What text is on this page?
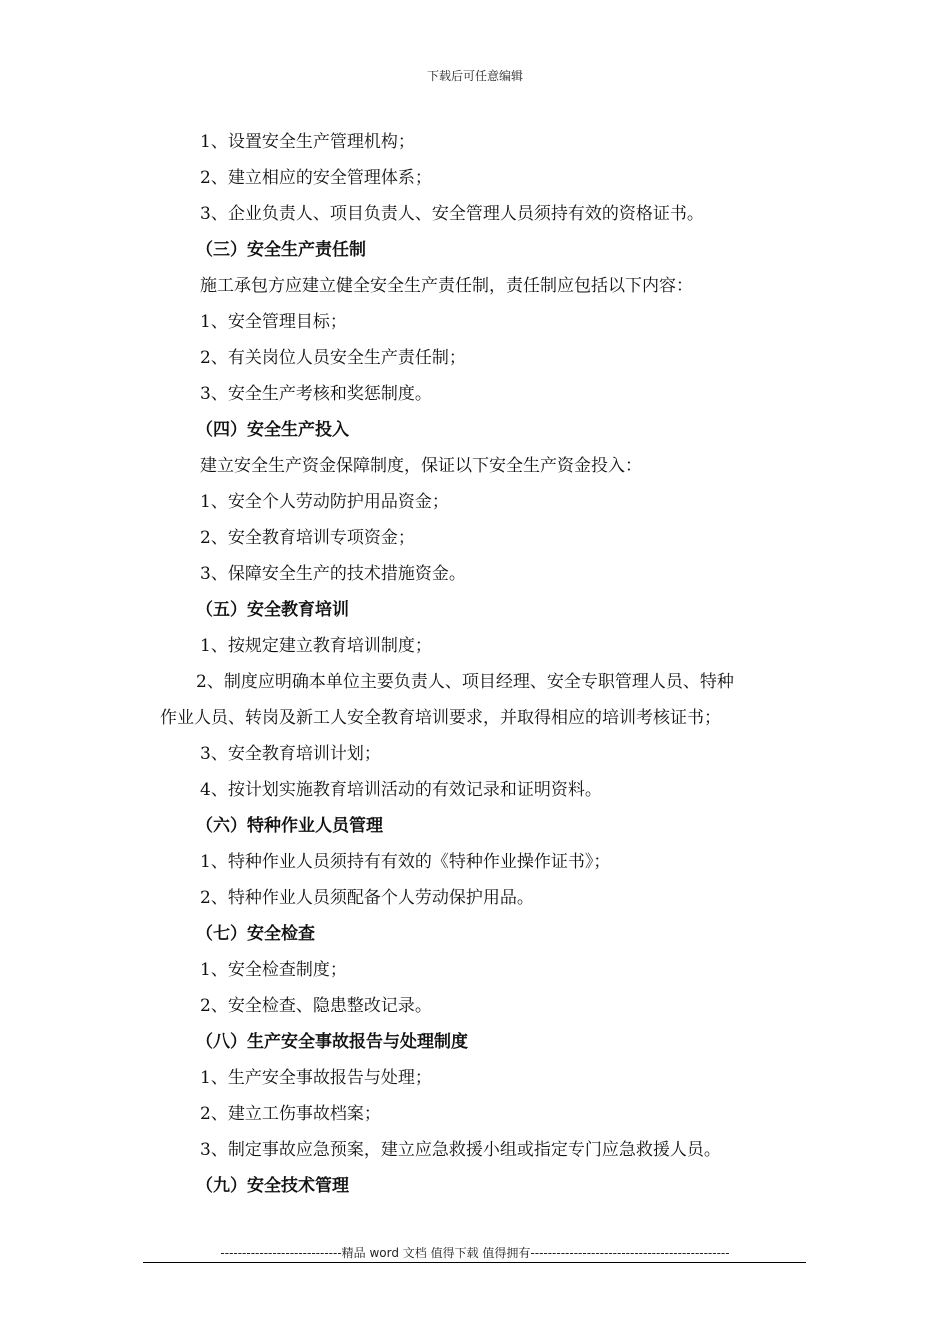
下载后可任意编辑
1、设置安全生产管理机构；
2、建立相应的安全管理体系；
3、企业负责人、项目负责人、安全管理人员须持有效的资格证书。
（三）安全生产责任制
施工承包方应建立健全安全生产责任制，责任制应包括以下内容：
1、安全管理目标；
2、有关岗位人员安全生产责任制；
3、安全生产考核和奖惩制度。
（四）安全生产投入
建立安全生产资金保障制度，保证以下安全生产资金投入：
1、安全个人劳动防护用品资金；
2、安全教育培训专项资金；
3、保障安全生产的技术措施资金。
（五）安全教育培训
1、按规定建立教育培训制度；
2、制度应明确本单位主要负责人、项目经理、安全专职管理人员、特种
作业人员、转岗及新工人安全教育培训要求，并取得相应的培训考核证书；
3、安全教育培训计划；
4、按计划实施教育培训活动的有效记录和证明资料。
（六）特种作业人员管理
1、特种作业人员须持有有效的《特种作业操作证书》；
2、特种作业人员须配备个人劳动保护用品。
（七）安全检查
1、安全检查制度；
2、安全检查、隐患整改记录。
（八）生产安全事故报告与处理制度
1、生产安全事故报告与处理；
2、建立工伤事故档案；
3、制定事故应急预案，建立应急救援小组或指定专门应急救援人员。
（九）安全技术管理
----------------------------精品 word 文档 值得下载 值得拥有----------------------------------------------
